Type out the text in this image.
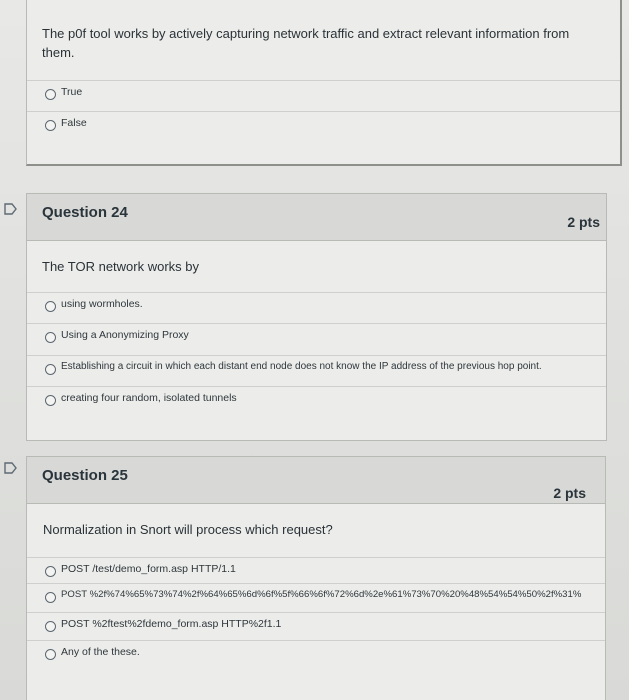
The p0f tool works by actively capturing network traffic and extract relevant information from them.
True
False
Question 24
2 pts
The TOR network works by
using wormholes.
Using a Anonymizing Proxy
Establishing a circuit in which each distant end node does not know the IP address of the previous hop point.
creating four random, isolated tunnels
Question 25
2 pts
Normalization in Snort will process which request?
POST /test/demo_form.asp HTTP/1.1
POST %2f%74%65%73%74%2f%64%65%6d%6f%5f%66%6f%72%6d%2e%61%73%70%20%48%54%54%50%2f%31%
POST %2ftest%2fdemo_form.asp HTTP%2f1.1
Any of the these.
